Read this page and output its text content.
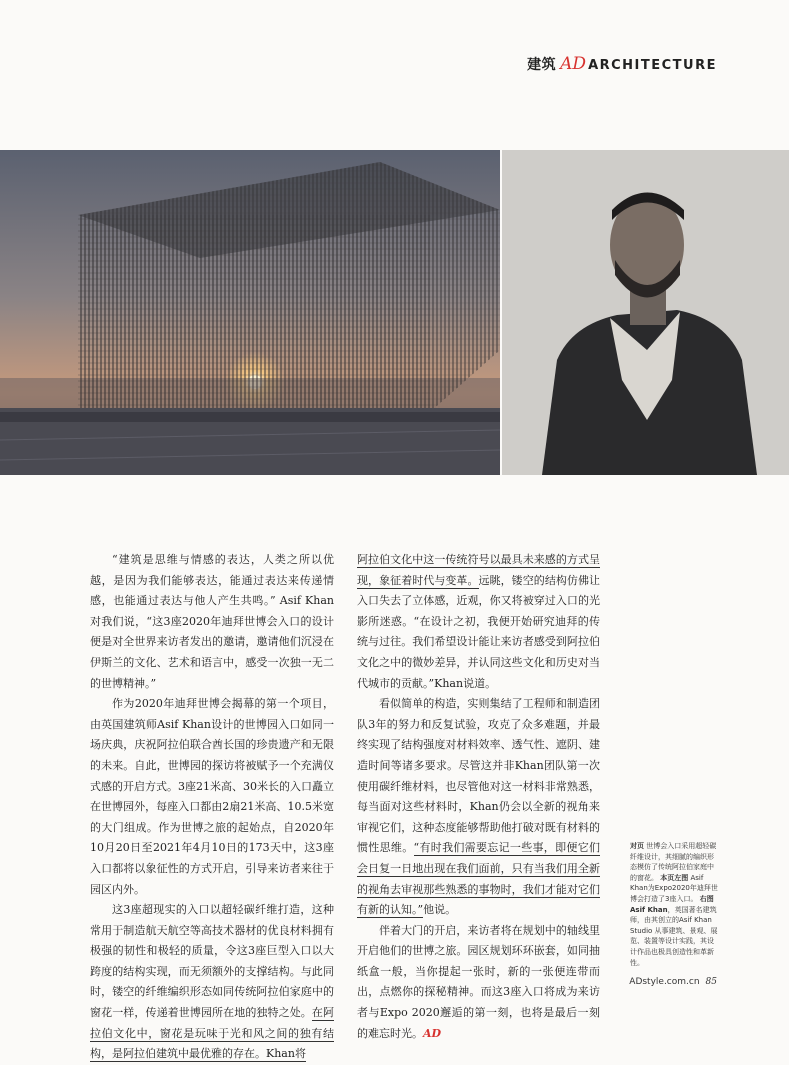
建筑 AD ARCHITECTURE

“建筑是思维与情感的表达，人类之所以优越，是因为我们能够表达，能通过表达来传递情感，也能通过表达与他人产生共鸣。” Asif Khan对我们说，“这3座2020年迪拜世博会入口的设计便是对全世界来访者发出的邀请，邀请他们沉浸在伊斯兰的文化、艺术和语言中，感受一次独一无二的世博精神。”

作为2020年迪拜世博会揭幕的第一个项目，由英国建筑师Asif Khan设计的世博园入口如同一场庆典，庆祝阿拉伯联合酋长国的珍贵遗产和无限的未来。自此，世博园的探访将被赋予一个充满仪式感的开启方式。3座21米高、30米长的入口矗立在世博园外，每座入口都由2扇21米高、10.5米宽的大门组成。作为世博之旅的起始点，自2020年10月20日至2021年4月10日的173天中，这3座入口都将以象征性的方式开启，引导来访者来往于园区内外。

这3座超现实的入口以超轻碳纤维打造，这种常用于制造航天航空等高技术器材的优良材料拥有极强的韧性和极轻的质量，令这3座巨型入口以大跨度的结构实现，而无须额外的支撑结构。与此同时，镂空的纤维编织形态如同传统阿拉伯家庭中的窗花一样，传递着世博园所在地的独特之处。在阿拉伯文化中，窗花是玩味于光和风之间的独有结构，是阿拉伯建筑中最优雅的存在。Khan将

阿拉伯文化中这一传统符号以最具未来感的方式呈现，象征着时代与变革。远眺，镂空的结构仿佛让入口失去了立体感，近观，你又将被穿过入口的光影所迷惑。“在设计之初，我便开始研究迪拜的传统与过往。我们希望设计能让来访者感受到阿拉伯文化之中的微妙差异，并认同这些文化和历史对当代城市的贡献。”Khan说道。

看似简单的构造，实则集结了工程师和制造团队3年的努力和反复试验，攻克了众多难题，并最终实现了结构强度对材料效率、透气性、遮阴、建造时间等诸多要求。尽管这并非Khan团队第一次使用碳纤维材料，也尽管他对这一材料非常熟悉，每当面对这些材料时，Khan仍会以全新的视角来审视它们，这种态度能够帮助他打破对既有材料的惯性思维。“有时我们需要忘记一些事，即便它们会日复一日地出现在我们面前，只有当我们用全新的视角去审视那些熟悉的事物时，我们才能对它们有新的认知。”他说。

伴着大门的开启，来访者将在规划中的轴线里开启他们的世博之旅。园区规划环环嵌套，如同抽纸盒一般，当你提起一张时，新的一张便连带而出，点燃你的探秘精神。而这3座入口将成为来访者与Expo 2020邂逅的第一刻，也将是最后一刻的难忘时光。AD

对页 世博会入口采用超轻碳纤维设计，其细腻的编织形态模仿了传统阿拉伯家庭中的窗花。 本页左图 Asif Khan为Expo2020年迪拜世博会打造了3座入口。 右图 Asif Khan，英国著名建筑师，由其创立的Asif Khan Studio 从事建筑、景观、展览、装置等设计实践，其设计作品也极具创造性和革新性。
ADstyle.com.cn 85
